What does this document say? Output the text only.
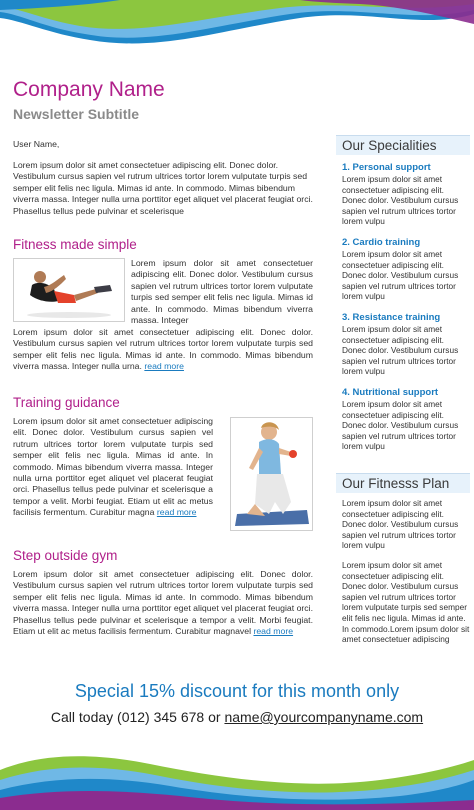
Company Name
Newsletter Subtitle
User Name,

Lorem ipsum dolor sit amet consectetuer adipiscing elit. Donec dolor. Vestibulum cursus sapien vel rutrum ultrices tortor lorem vulputate turpis sed semper elit felis nec ligula. Mimas id ante. In commodo. Mimas bibendum viverra massa. Integer nulla urna porttitor eget aliquet vel placerat feugiat orci. Phasellus tellus pede pulvinar et scelerisque

Fitness made simple

Lorem ipsum dolor sit amet consectetuer adipiscing elit. Donec dolor. Vestibulum cursus sapien vel rutrum ultrices tortor lorem vulputate turpis sed semper elit felis nec ligula. Mimas id ante. In commodo. Mimas bibendum viverra massa. Integer

Lorem ipsum dolor sit amet consectetuer adipiscing elit. Donec dolor. Vestibulum cursus sapien vel rutrum ultrices tortor lorem vulputate turpis sed semper elit felis nec ligula. Mimas id ante. In commodo. Mimas bibendum viverra massa. Integer nulla urna. read more

Training guidance

Lorem ipsum dolor sit amet consectetuer adipiscing elit. Donec dolor. Vestibulum cursus sapien vel rutrum ultrices tortor lorem vulputate turpis sed semper elit felis nec ligula. Mimas id ante. In commodo. Mimas bibendum viverra massa. Integer nulla urna porttitor eget aliquet vel placerat feugiat orci. Phasellus tellus pede pulvinar et scelerisque a tempor a velit. Morbi feugiat. Etiam ut elit ac metus facilisis fermentum. Curabitur magna read more

Step outside gym

Lorem ipsum dolor sit amet consectetuer adipiscing elit. Donec dolor. Vestibulum cursus sapien vel rutrum ultrices tortor lorem vulputate turpis sed semper elit felis nec ligula. Mimas id ante. In commodo. Mimas bibendum viverra massa. Integer nulla urna porttitor eget aliquet vel placerat feugiat orci. Phasellus tellus pede pulvinar et scelerisque a tempor a velit. Morbi feugiat. Etiam ut elit ac metus facilisis fermentum. Curabitur magnavel read more

Our Specialities
1. Personal support
Lorem ipsum dolor sit amet consectetuer adipiscing elit. Donec dolor. Vestibulum cursus sapien vel rutrum ultrices tortor lorem vulpu
2. Cardio training
Lorem ipsum dolor sit amet consectetuer adipiscing elit. Donec dolor. Vestibulum cursus sapien vel rutrum ultrices tortor lorem vulpu
3. Resistance training
Lorem ipsum dolor sit amet consectetuer adipiscing elit. Donec dolor. Vestibulum cursus sapien vel rutrum ultrices tortor lorem vulpu
4. Nutritional support
Lorem ipsum dolor sit amet consectetuer adipiscing elit. Donec dolor. Vestibulum cursus sapien vel rutrum ultrices tortor lorem vulpu
Our Fitnesss Plan
Lorem ipsum dolor sit amet consectetuer adipiscing elit. Donec dolor. Vestibulum cursus sapien vel rutrum ultrices tortor lorem vulpu
Lorem ipsum dolor sit amet consectetuer adipiscing elit. Donec dolor. Vestibulum cursus sapien vel rutrum ultrices tortor lorem vulputate turpis sed semper elit felis nec ligula. Mimas id ante. In commodo.Lorem ipsum dolor sit amet consectetuer adipiscing
Special 15% discount for this month only
Call today (012) 345 678 or name@yourcompanyname.com
